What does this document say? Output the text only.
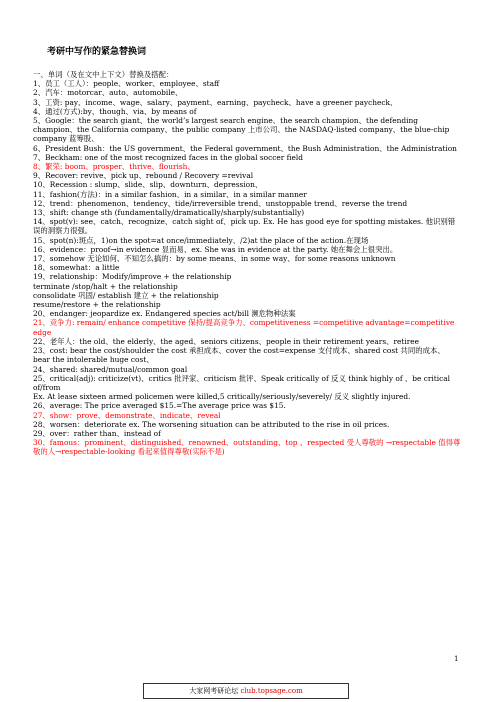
考研中写作的紧急替换词
一、单词（及在文中上下文）替换及搭配：
1、员工（工人）：people、worker、employee、staff
2、汽车：motorcar、auto、automobile、
3、工资: pay、income、wage、salary、payment、earning、paycheck、have a greener paycheck、
4、通过(方式):by、though、via、by means of
5、Google：the search giant、the world’s largest search engine、the search champion、the defending champion、the California company、the public company 上市公司、the NASDAQ-listed company、the blue-chip company 蓝筹股、
6、President Bush：the US government、the Federal government、the Bush Administration、the Administration
7、Beckham: one of the most recognized faces in the global soccer field
8、繁荣: boom、prosper、thrive、flourish、
9、Recover: revive、pick up、rebound / Recovery =revival
10、Recession : slump、slide、slip、downturn、depression、
11、fashion(方法)：in a similar fashion、in a similar、in a similar manner
12、trend：phenomenon、tendency、tide/irreversible trend、unstoppable trend、reverse the trend
13、shift: change sth (fundamentally/dramatically/sharply/substantially)
14、spot(v): see、catch、recognize、catch sight of、pick up. Ex. He has good eye for spotting mistakes. 他识别错误的洞察力很强。
15、spot(n):斑点，1)on the spot=at once/immediately、/2)at the place of the action.在现场
16、evidence：proof→in evidence 显而易、ex. She was in evidence at the party. 她在舞会上很突出。
17、somehow 无论如何、不知怎么搞的：by some means、in some way、for some reasons unknown
18、somewhat：a little
19、relationship：Modify/improve + the relationship
terminate /stop/halt + the relationship
consolidate 巩固/ establish 建立 + the relationship
resume/restore + the relationship
20、endanger: jeopardize ex. Endangered species act/bill 濒危物种法案
21、竞争力: remain/ enhance competitive 保持/提高竞争力、competitiveness =competitive advantage=competitive edge
22、老年人：the old、the elderly、the aged、seniors citizens、people in their retirement years、retiree
23、cost: bear the cost/shoulder the cost 承担成本、cover the cost=expense 支付成本、shared cost 共同的成本、bear the intolerable huge cost、
24、shared: shared/mutual/common goal
25、critical(adj): criticize(vt)、critics 批评家、criticism 批评、Speak critically of 反义 think highly of 、be critical of/from
Ex. At lease sixteen armed policemen were killed,5 critically/seriously/severely/ 反义 slightly injured.
26、average: The price averaged $15.=The average price was $15.
27、show：prove、demonstrate、indicate、reveal
28、worsen：deteriorate ex. The worsening situation can be attributed to the rise in oil prices.
29、over：rather than、instead of
30、famous：prominent、distinguished、renowned、outstanding、top 、respected 受人尊敬的 →respectable 值得尊敬的人→respectable-looking 看起来值得尊敬(实际不是)
1
大家网考研论坛 club.topsage.com
